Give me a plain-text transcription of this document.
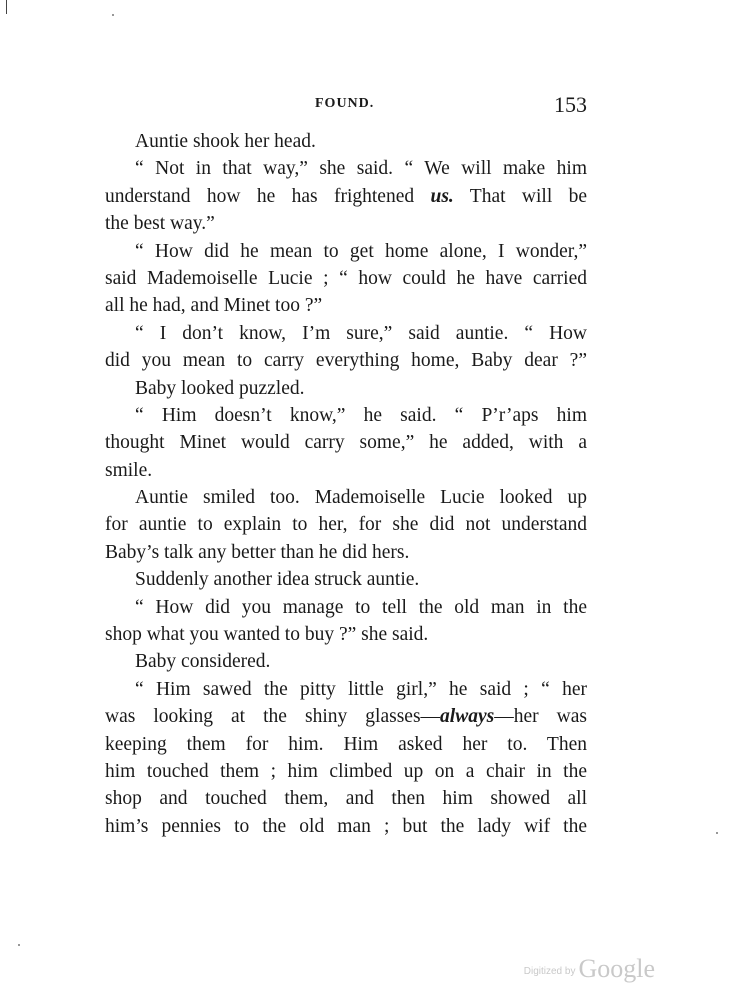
FOUND.	153
Auntie shook her head.
“ Not in that way,” she said. “ We will make him
understand how he has frightened us. That will be
the best way.”
“ How did he mean to get home alone, I wonder,”
said Mademoiselle Lucie ; “ how could he have carried
all he had, and Minet too ?”
“ I don’t know, I’m sure,” said auntie. “ How
did you mean to carry everything home, Baby dear ?”
Baby looked puzzled.
“ Him doesn’t know,” he said. “ P’r’aps him
thought Minet would carry some,” he added, with a
smile.
Auntie smiled too. Mademoiselle Lucie looked up
for auntie to explain to her, for she did not understand
Baby’s talk any better than he did hers.
Suddenly another idea struck auntie.
“ How did you manage to tell the old man in the
shop what you wanted to buy ?” she said.
Baby considered.
“ Him sawed the pitty little girl,” he said ; “ her
was looking at the shiny glasses—always—her was
keeping them for him. Him asked her to. Then
him touched them ; him climbed up on a chair in the
shop and touched them, and then him showed all
him’s pennies to the old man ; but the lady wif the
Digitized by Google
